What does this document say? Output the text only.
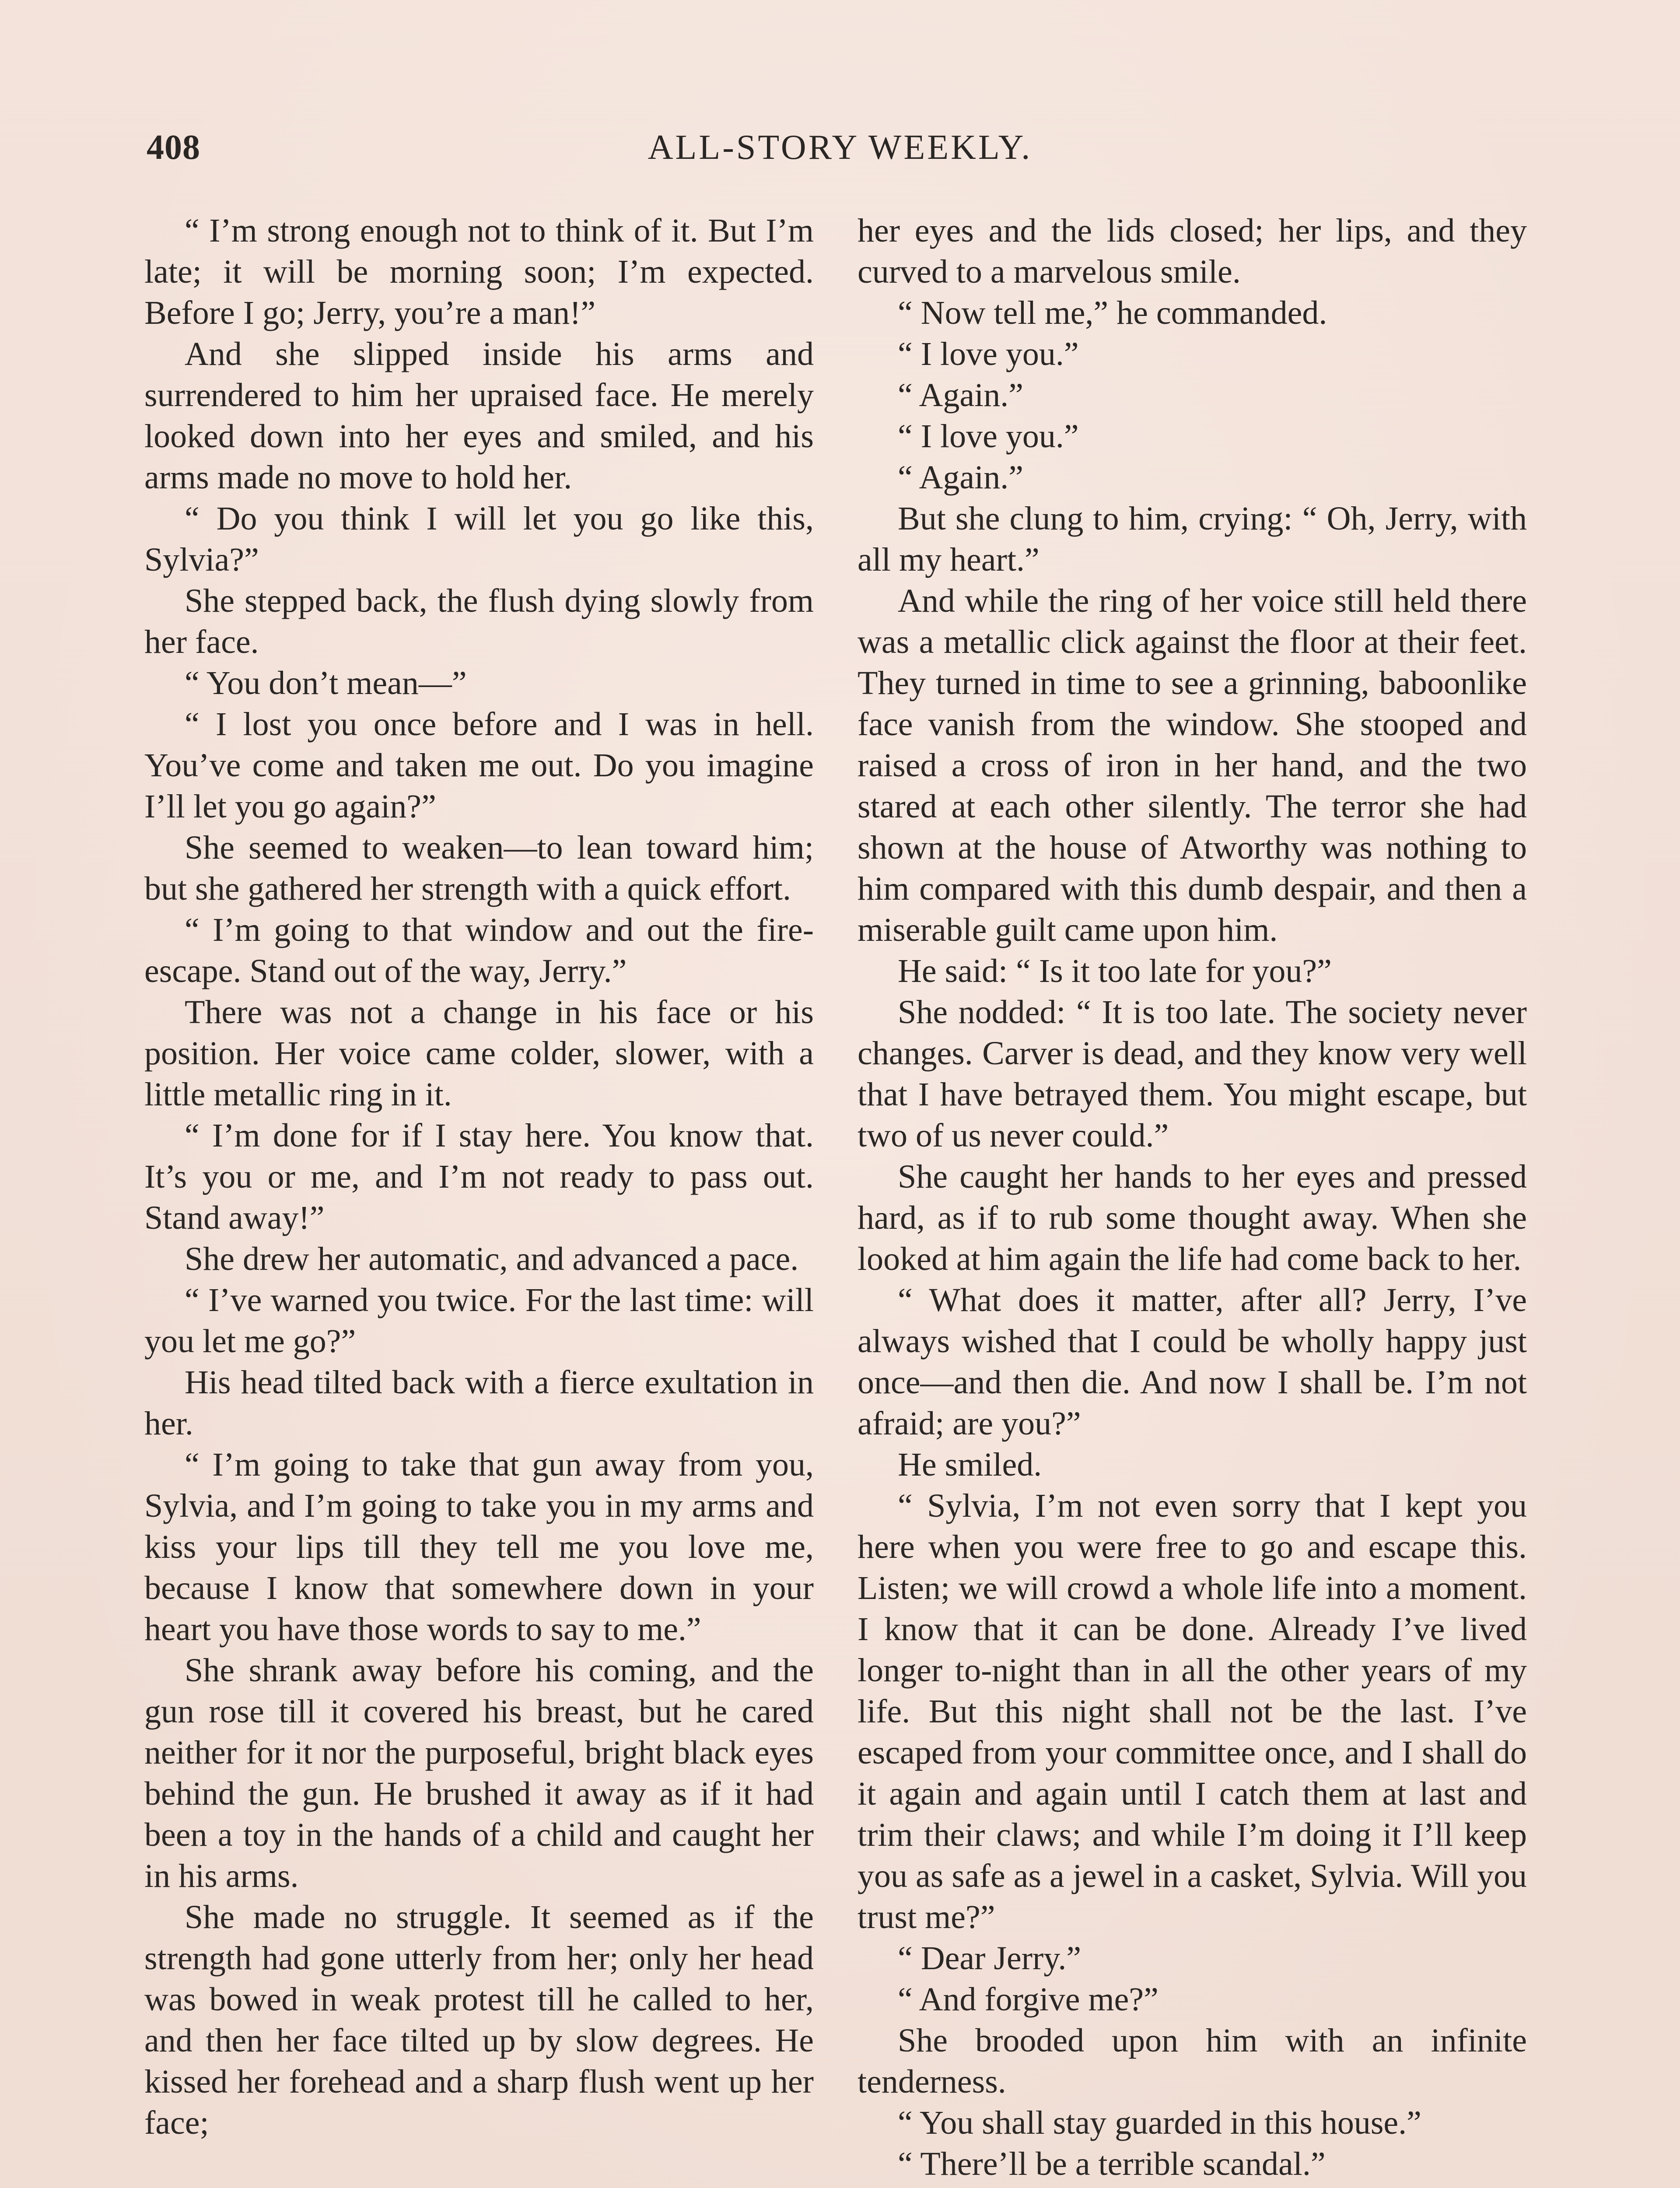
408	ALL-STORY WEEKLY.

“ I’m strong enough not to think of it. But I’m late; it will be morning soon; I’m expected. Before I go; Jerry, you’re a man!”

And she slipped inside his arms and surrendered to him her upraised face. He merely looked down into her eyes and smiled, and his arms made no move to hold her.

“ Do you think I will let you go like this, Sylvia?”

She stepped back, the flush dying slowly from her face.

“ You don’t mean—”

“ I lost you once before and I was in hell. You’ve come and taken me out. Do you imagine I’ll let you go again?”

She seemed to weaken—to lean toward him; but she gathered her strength with a quick effort.

“ I’m going to that window and out the fire-escape. Stand out of the way, Jerry.”

There was not a change in his face or his position. Her voice came colder, slower, with a little metallic ring in it.

“ I’m done for if I stay here. You know that. It’s you or me, and I’m not ready to pass out. Stand away!”

She drew her automatic, and advanced a pace.

“ I’ve warned you twice. For the last time: will you let me go?”

His head tilted back with a fierce exultation in her.

“ I’m going to take that gun away from you, Sylvia, and I’m going to take you in my arms and kiss your lips till they tell me you love me, because I know that somewhere down in your heart you have those words to say to me.”

She shrank away before his coming, and the gun rose till it covered his breast, but he cared neither for it nor the purposeful, bright black eyes behind the gun. He brushed it away as if it had been a toy in the hands of a child and caught her in his arms.

She made no struggle. It seemed as if the strength had gone utterly from her; only her head was bowed in weak protest till he called to her, and then her face tilted up by slow degrees. He kissed her forehead and a sharp flush went up her face;

her eyes and the lids closed; her lips, and they curved to a marvelous smile.

“ Now tell me,” he commanded.

“ I love you.”

“ Again.”

“ I love you.”

“ Again.”

But she clung to him, crying: “ Oh, Jerry, with all my heart.”

And while the ring of her voice still held there was a metallic click against the floor at their feet. They turned in time to see a grinning, baboonlike face vanish from the window. She stooped and raised a cross of iron in her hand, and the two stared at each other silently. The terror she had shown at the house of Atworthy was nothing to him compared with this dumb despair, and then a miserable guilt came upon him.

He said: “ Is it too late for you?”

She nodded: “ It is too late. The society never changes. Carver is dead, and they know very well that I have betrayed them. You might escape, but two of us never could.”

She caught her hands to her eyes and pressed hard, as if to rub some thought away. When she looked at him again the life had come back to her.

“ What does it matter, after all? Jerry, I’ve always wished that I could be wholly happy just once—and then die. And now I shall be. I’m not afraid; are you?”

He smiled.

“ Sylvia, I’m not even sorry that I kept you here when you were free to go and escape this. Listen; we will crowd a whole life into a moment. I know that it can be done. Already I’ve lived longer to-night than in all the other years of my life. But this night shall not be the last. I’ve escaped from your committee once, and I shall do it again and again until I catch them at last and trim their claws; and while I’m doing it I’ll keep you as safe as a jewel in a casket, Sylvia. Will you trust me?”

“ Dear Jerry.”

“ And forgive me?”

She brooded upon him with an infinite tenderness.

“ You shall stay guarded in this house.”

“ There’ll be a terrible scandal.”
